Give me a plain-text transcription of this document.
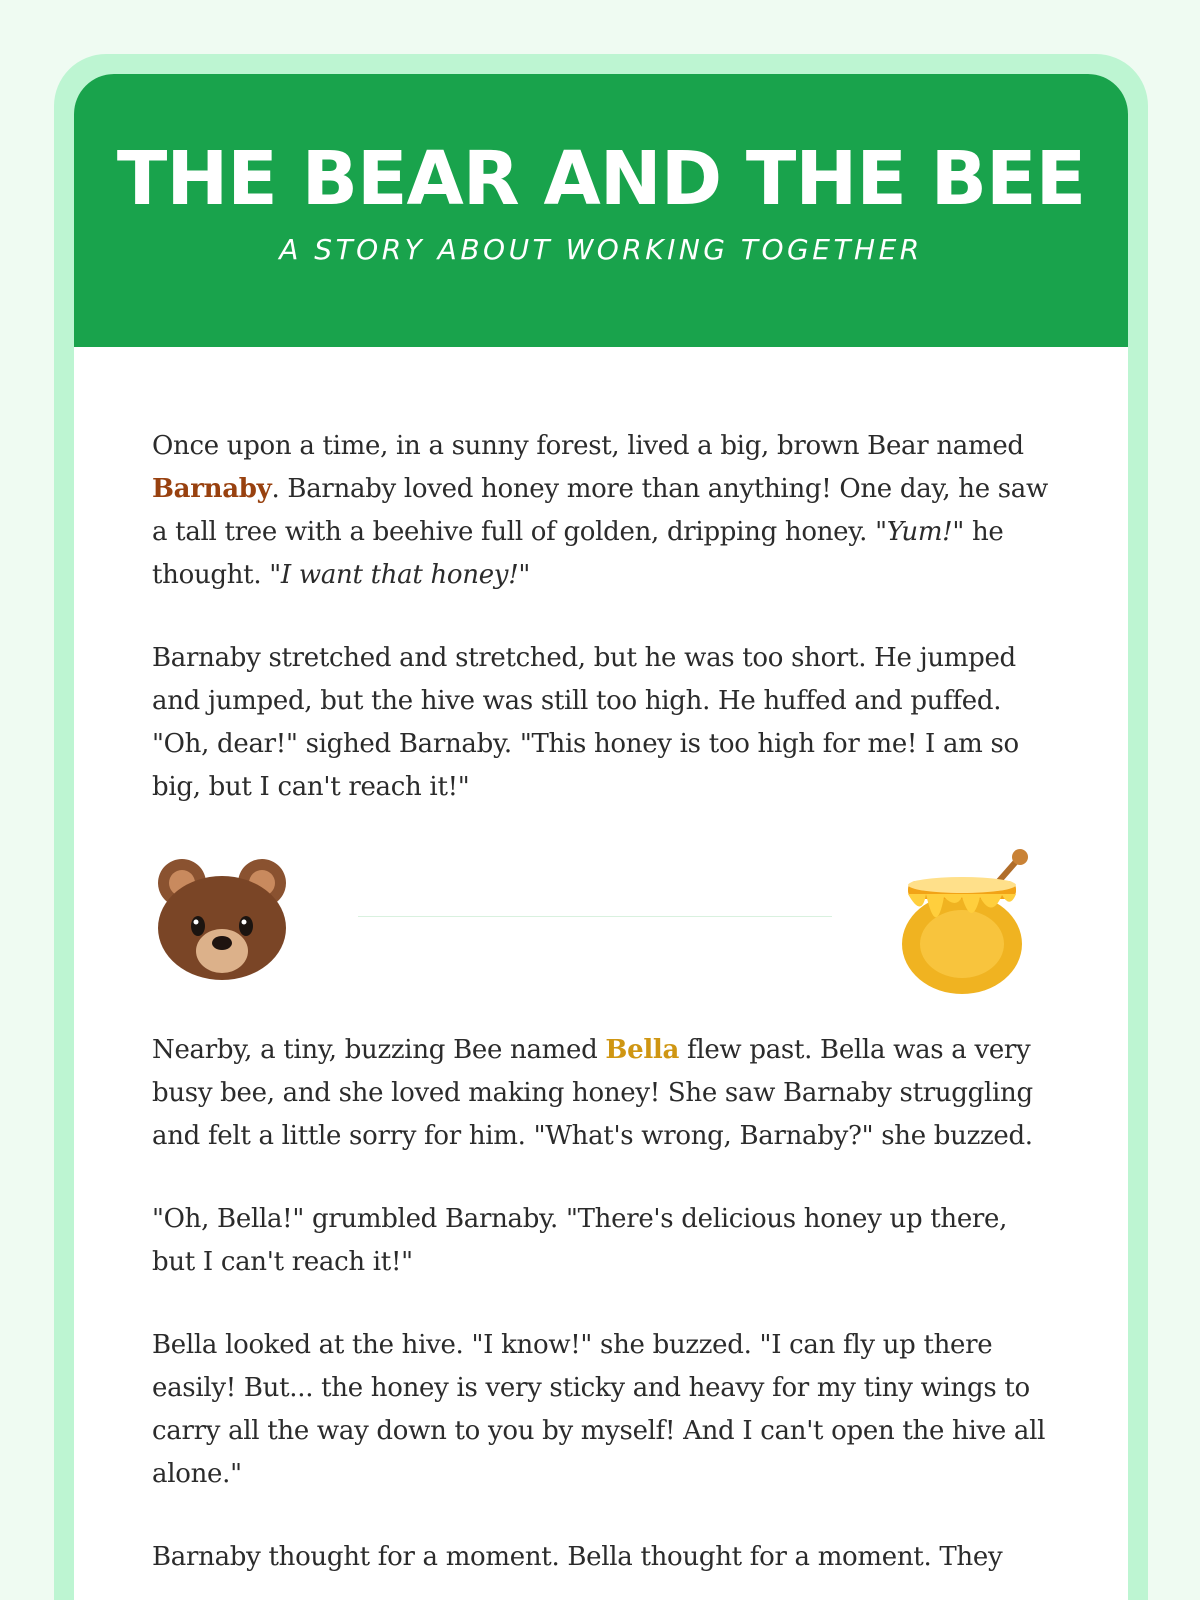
THE BEAR AND THE BEE
A STORY ABOUT WORKING TOGETHER

Once upon a time, in a sunny forest, lived a big, brown Bear named Barnaby. Barnaby loved honey more than anything! One day, he saw a tall tree with a beehive full of golden, dripping honey. "Yum!" he thought. "I want that honey!"

Barnaby stretched and stretched, but he was too short. He jumped and jumped, but the hive was still too high. He huffed and puffed. "Oh, dear!" sighed Barnaby. "This honey is too high for me! I am so big, but I can't reach it!"

Nearby, a tiny, buzzing Bee named Bella flew past. Bella was a very busy bee, and she loved making honey! She saw Barnaby struggling and felt a little sorry for him. "What's wrong, Barnaby?" she buzzed.

"Oh, Bella!" grumbled Barnaby. "There's delicious honey up there, but I can't reach it!"

Bella looked at the hive. "I know!" she buzzed. "I can fly up there easily! But... the honey is very sticky and heavy for my tiny wings to carry all the way down to you by myself! And I can't open the hive all alone."

Barnaby thought for a moment. Bella thought for a moment. They
